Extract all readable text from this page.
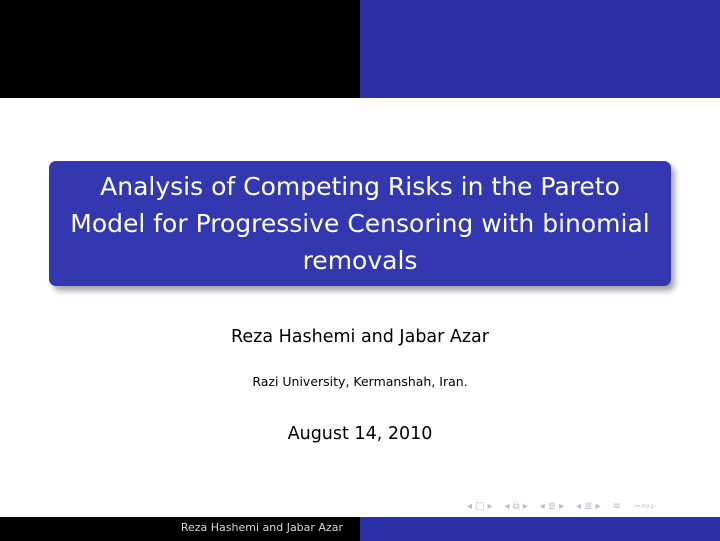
Analysis of Competing Risks in the Pareto
Model for Progressive Censoring with binomial
removals
Reza Hashemi and Jabar Azar
Razi University, Kermanshah, Iran.
August 14, 2010
◂ □ ▸ ◂ ⧉ ▸ ◂ ≣ ▸ ◂ ≣ ▸ ≡ ∽∾⌕
Reza Hashemi and Jabar Azar
